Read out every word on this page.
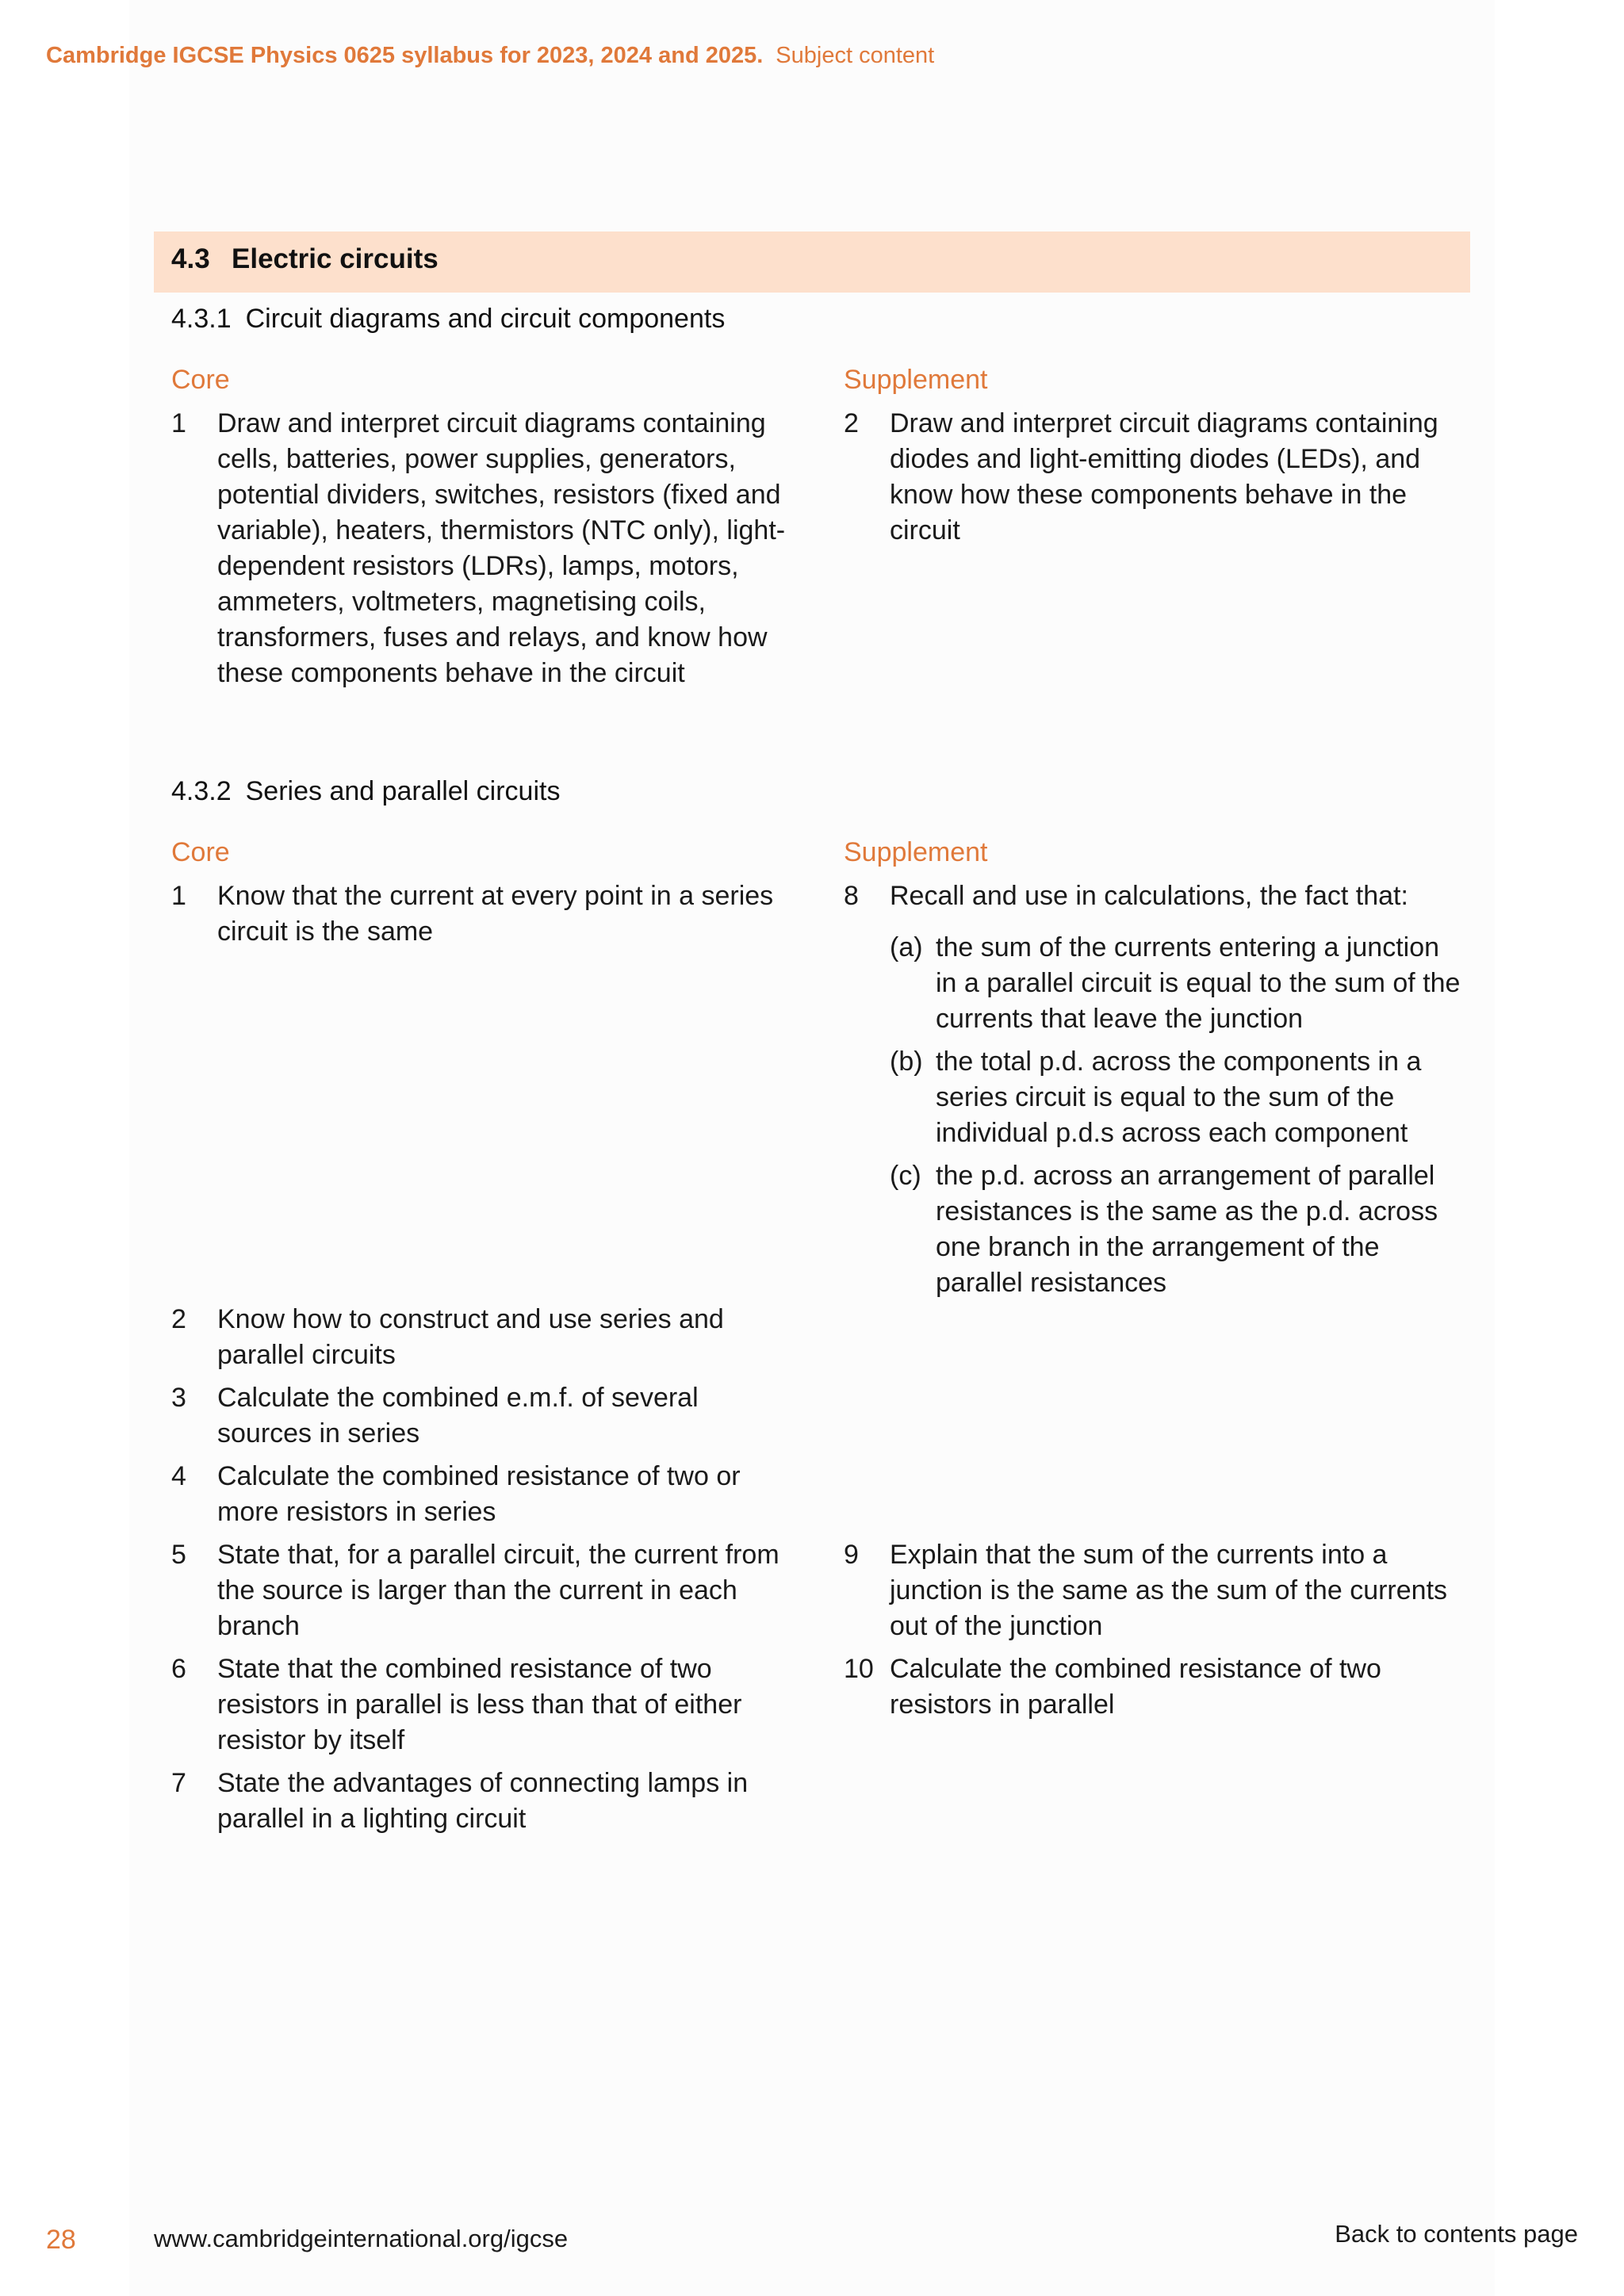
Cambridge IGCSE Physics 0625 syllabus for 2023, 2024 and 2025. Subject content
4.3 Electric circuits
4.3.1 Circuit diagrams and circuit components
Core	Supplement
1 Draw and interpret circuit diagrams containing cells, batteries, power supplies, generators, potential dividers, switches, resistors (fixed and variable), heaters, thermistors (NTC only), light-dependent resistors (LDRs), lamps, motors, ammeters, voltmeters, magnetising coils, transformers, fuses and relays, and know how these components behave in the circuit
2 Draw and interpret circuit diagrams containing diodes and light-emitting diodes (LEDs), and know how these components behave in the circuit
4.3.2 Series and parallel circuits
Core	Supplement
1 Know that the current at every point in a series circuit is the same
2 Know how to construct and use series and parallel circuits
3 Calculate the combined e.m.f. of several sources in series
4 Calculate the combined resistance of two or more resistors in series
5 State that, for a parallel circuit, the current from the source is larger than the current in each branch
6 State that the combined resistance of two resistors in parallel is less than that of either resistor by itself
7 State the advantages of connecting lamps in parallel in a lighting circuit
8 Recall and use in calculations, the fact that:
(a) the sum of the currents entering a junction in a parallel circuit is equal to the sum of the currents that leave the junction
(b) the total p.d. across the components in a series circuit is equal to the sum of the individual p.d.s across each component
(c) the p.d. across an arrangement of parallel resistances is the same as the p.d. across one branch in the arrangement of the parallel resistances
9 Explain that the sum of the currents into a junction is the same as the sum of the currents out of the junction
10 Calculate the combined resistance of two resistors in parallel
28	www.cambridgeinternational.org/igcse	Back to contents page
